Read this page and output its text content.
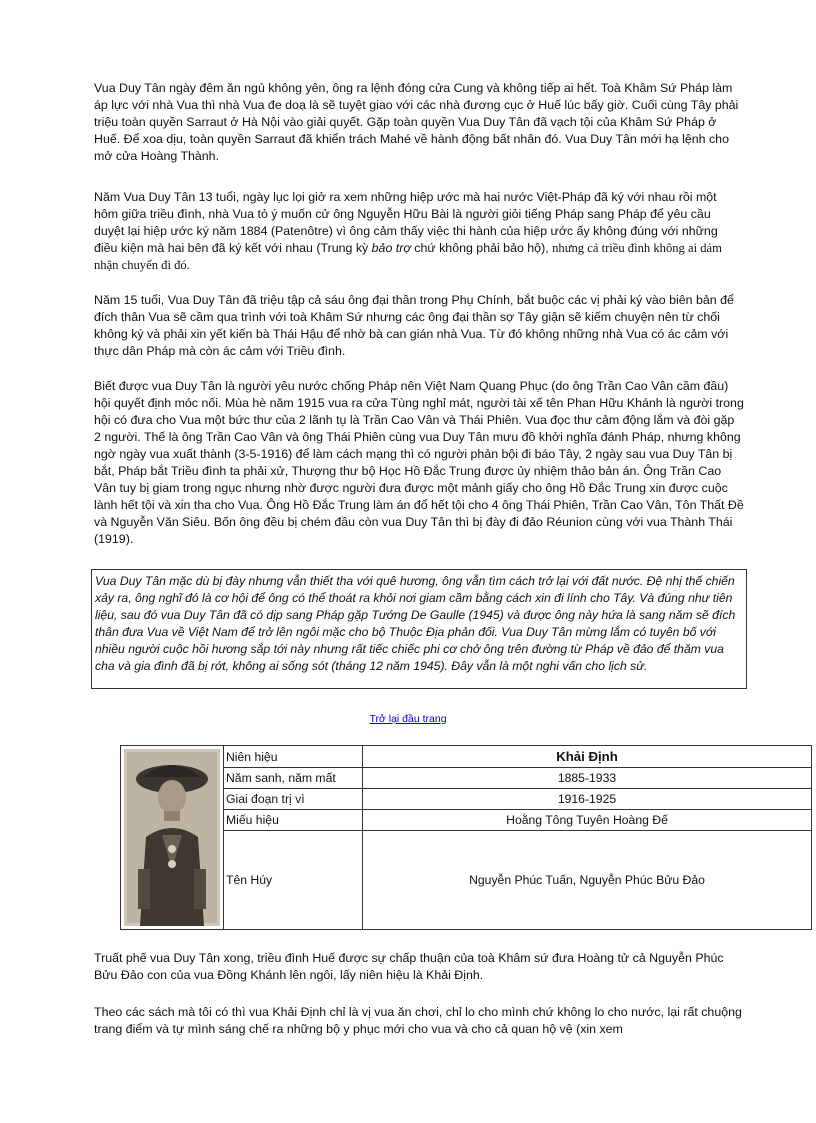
Vua Duy Tân ngày đêm ăn ngủ không yên, ông ra lệnh đóng cửa Cung và không tiếp ai hết. Toà Khâm Sứ Pháp làm áp lực với nhà Vua thì nhà Vua đe doạ là sẽ tuyệt giao với các nhà đương cục ở Huế lúc bấy giờ. Cuối cùng Tây phải triệu toàn quyền Sarraut ở Hà Nội vào giải quyết. Gặp toàn quyền Vua Duy Tân đã vạch tội của Khâm Sứ Pháp ở Huế. Để xoa dịu, toàn quyền Sarraut đã khiển trách Mahé về hành động bất nhân đó. Vua Duy Tân mới hạ lệnh cho mở cửa Hoàng Thành.

Năm Vua Duy Tân 13 tuổi, ngày lục lọi giở ra xem những hiệp ước mà hai nước Việt-Pháp đã ký với nhau rồi một hôm giữa triều đình, nhà Vua tỏ ý muốn cử ông Nguyễn Hữu Bài là người giỏi tiếng Pháp sang Pháp để yêu cầu duyệt lại hiệp ước ký năm 1884 (Patenôtre) vì ông cảm thấy việc thi hành của hiệp ước ấy không đúng với những điều kiện mà hai bên đã ký kết với nhau (Trung kỳ bảo trợ chứ không phải bảo hộ), nhưng cả triều đình không ai dám nhận chuyến đi đó.

Năm 15 tuổi, Vua Duy Tân đã triệu tập cả sáu ông đại thần trong Phụ Chính, bắt buộc các vị phải ký vào biên bản để đích thân Vua sẽ cầm qua trình với toà Khâm Sứ nhưng các ông đại thần sợ Tây giận sẽ kiếm chuyện nên từ chối không ký và phải xin yết kiến bà Thái Hậu để nhờ bà can gián nhà Vua. Từ đó không những nhà Vua có ác cảm với thực dân Pháp mà còn ác cảm với Triều đình.

Biết được vua Duy Tân là người yêu nước chống Pháp nên Việt Nam Quang Phục (do ông Trần Cao Vân cầm đầu) hội quyết định móc nối. Mùa hè năm 1915 vua ra cửa Tùng nghỉ mát, người tài xế tên Phan Hữu Khánh là người trong hội có đưa cho Vua một bức thư của 2 lãnh tụ là Trần Cao Vân và Thái Phiên. Vua đọc thư cảm động lắm và đòi gặp 2 người. Thế là ông Trần Cao Vân và ông Thái Phiên cùng vua Duy Tân mưu đồ khởi nghĩa đánh Pháp, nhưng không ngờ ngày vua xuất thành (3-5-1916) để làm cách mạng thì có người phản bội đi báo Tây, 2 ngày sau vua Duy Tân bị bắt, Pháp bắt Triều đình ta phải xử, Thượng thư bộ Học Hồ Đắc Trung được ủy nhiệm thảo bản án. Ông Trần Cao Vân tuy bị giam trong ngục nhưng nhờ được người đưa được một mảnh giấy cho ông Hồ Đắc Trung xin được cuộc lành hết tội và xin tha cho Vua. Ông Hồ Đắc Trung làm án đổ hết tội cho 4 ông Thái Phiên, Trần Cao Vân, Tôn Thất Đề và Nguyễn Văn Siêu. Bốn ông đều bị chém đầu còn vua Duy Tân thì bị đày đi đảo Réunion cùng với vua Thành Thái (1919).

Vua Duy Tân mặc dù bị đày nhưng vẫn thiết tha với quê hương, ông vẫn tìm cách trở lại với đất nước. Đệ nhị thế chiến xảy ra, ông nghĩ đó là cơ hội để ông có thể thoát ra khỏi nơi giam cầm bằng cách xin đi lính cho Tây. Và đúng như tiên liệu, sau đó vua Duy Tân đã có dịp sang Pháp gặp Tướng De Gaulle (1945) và được ông này hứa là sang năm sẽ đích thân đưa Vua về Việt Nam để trở lên ngôi mặc cho bộ Thuộc Địa phản đối. Vua Duy Tân mừng lắm có tuyên bố với nhiều người cuộc hồi hương sắp tới này nhưng rất tiếc chiếc phi cơ chở ông trên đường từ Pháp về đảo để thăm vua cha và gia đình đã bị rớt, không ai sống sót (tháng 12 năm 1945). Đây vẫn là một nghi vấn cho lịch sử.
Trở lại đầu trang
	Niên hiệu	Khải Định
	Năm sanh, năm mất	1885-1933
	Giai đoạn trị vì	1916-1925
	Miếu hiệu	Hoằng Tông Tuyên Hoàng Đế
	Tên Húy	Nguyễn Phúc Tuấn, Nguyễn Phúc Bửu Đảo

Truất phế vua Duy Tân xong, triều đình Huế được sự chấp thuận của toà Khâm sứ đưa Hoàng tử cả Nguyễn Phúc Bửu Đảo con của vua Đồng Khánh lên ngôi, lấy niên hiệu là Khải Định.

Theo các sách mà tôi có thì vua Khải Định chỉ là vị vua ăn chơi, chỉ lo cho mình chứ không lo cho nước, lại rất chuộng trang điểm và tự mình sáng chế ra những bộ y phục mới cho vua và cho cả quan hộ vệ (xin xem
